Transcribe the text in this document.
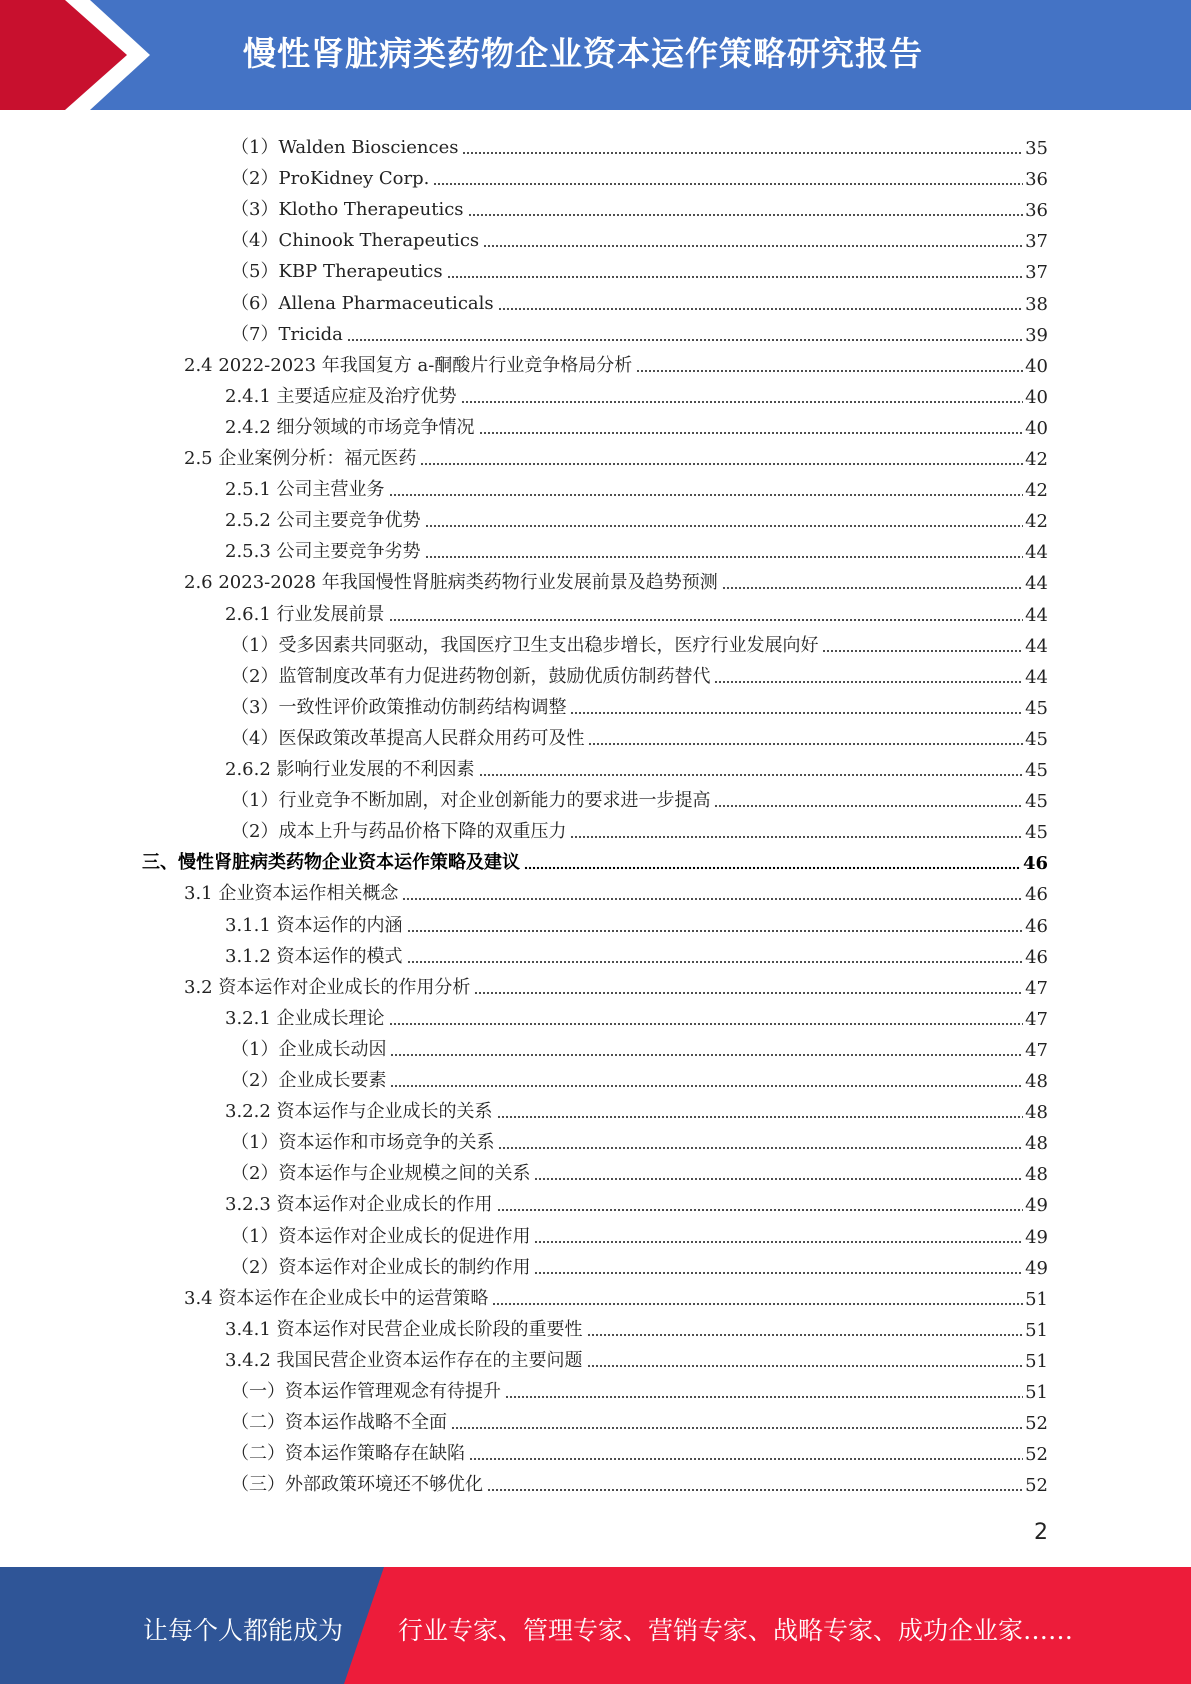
慢性肾脏病类药物企业资本运作策略研究报告
（1）Walden Biosciences	35
（2）ProKidney Corp.	36
（3）Klotho Therapeutics	36
（4）Chinook Therapeutics	37
（5）KBP Therapeutics	37
（6）Allena Pharmaceuticals	38
（7）Tricida	39
2.4 2022-2023 年我国复方 a-酮酸片行业竞争格局分析	40
2.4.1 主要适应症及治疗优势	40
2.4.2 细分领域的市场竞争情况	40
2.5 企业案例分析：福元医药	42
2.5.1 公司主营业务	42
2.5.2 公司主要竞争优势	42
2.5.3 公司主要竞争劣势	44
2.6 2023-2028 年我国慢性肾脏病类药物行业发展前景及趋势预测	44
2.6.1 行业发展前景	44
（1）受多因素共同驱动，我国医疗卫生支出稳步增长，医疗行业发展向好	44
（2）监管制度改革有力促进药物创新，鼓励优质仿制药替代	44
（3）一致性评价政策推动仿制药结构调整	45
（4）医保政策改革提高人民群众用药可及性	45
2.6.2 影响行业发展的不利因素	45
（1）行业竞争不断加剧，对企业创新能力的要求进一步提高	45
（2）成本上升与药品价格下降的双重压力	45
三、慢性肾脏病类药物企业资本运作策略及建议	46
3.1 企业资本运作相关概念	46
3.1.1 资本运作的内涵	46
3.1.2 资本运作的模式	46
3.2 资本运作对企业成长的作用分析	47
3.2.1 企业成长理论	47
（1）企业成长动因	47
（2）企业成长要素	48
3.2.2 资本运作与企业成长的关系	48
（1）资本运作和市场竞争的关系	48
（2）资本运作与企业规模之间的关系	48
3.2.3 资本运作对企业成长的作用	49
（1）资本运作对企业成长的促进作用	49
（2）资本运作对企业成长的制约作用	49
3.4 资本运作在企业成长中的运营策略	51
3.4.1 资本运作对民营企业成长阶段的重要性	51
3.4.2 我国民营企业资本运作存在的主要问题	51
（一）资本运作管理观念有待提升	51
（二）资本运作战略不全面	52
（二）资本运作策略存在缺陷	52
（三）外部政策环境还不够优化	52
2
让每个人都能成为 行业专家、管理专家、营销专家、战略专家、成功企业家……
